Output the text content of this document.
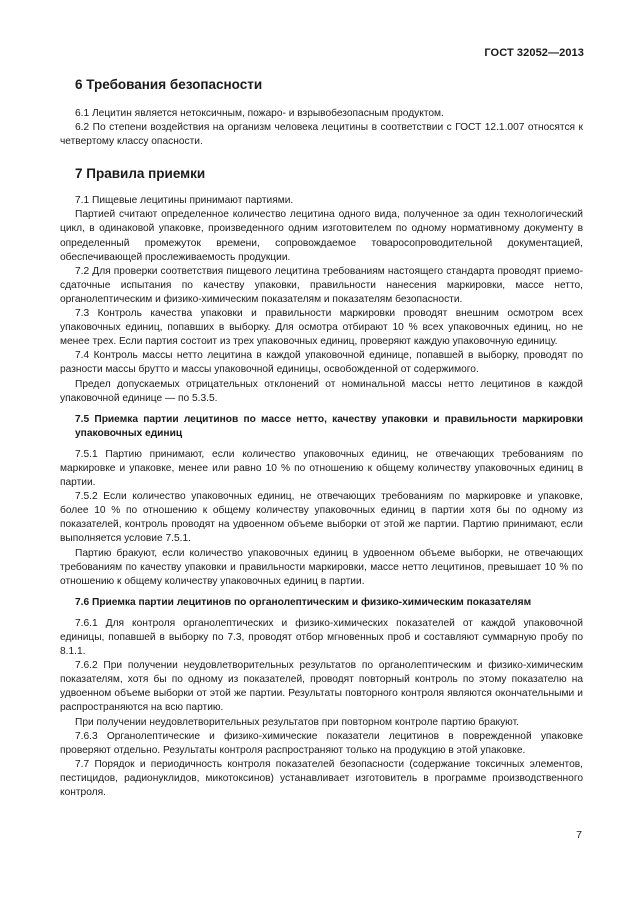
ГОСТ 32052—2013
6 Требования безопасности

6.1 Лецитин является нетоксичным, пожаро- и взрывобезопасным продуктом.

6.2 По степени воздействия на организм человека лецитины в соответствии с ГОСТ 12.1.007 относятся к четвертому классу опасности.

7 Правила приемки

7.1 Пищевые лецитины принимают партиями.

Партией считают определенное количество лецитина одного вида, полученное за один технологический цикл, в одинаковой упаковке, произведенного одним изготовителем по одному нормативному документу в определенный промежуток времени, сопровождаемое товаросопроводительной документацией, обеспечивающей прослеживаемость продукции.

7.2 Для проверки соответствия пищевого лецитина требованиям настоящего стандарта проводят приемо-сдаточные испытания по качеству упаковки, правильности нанесения маркировки, массе нетто, органолептическим и физико-химическим показателям и показателям безопасности.

7.3 Контроль качества упаковки и правильности маркировки проводят внешним осмотром всех упаковочных единиц, попавших в выборку. Для осмотра отбирают 10 % всех упаковочных единиц, но не менее трех. Если партия состоит из трех упаковочных единиц, проверяют каждую упаковочную единицу.

7.4 Контроль массы нетто лецитина в каждой упаковочной единице, попавшей в выборку, проводят по разности массы брутто и массы упаковочной единицы, освобожденной от содержимого.

Предел допускаемых отрицательных отклонений от номинальной массы нетто лецитинов в каждой упаковочной единице — по 5.3.5.

7.5 Приемка партии лецитинов по массе нетто, качеству упаковки и правильности маркировки упаковочных единиц

7.5.1 Партию принимают, если количество упаковочных единиц, не отвечающих требованиям по маркировке и упаковке, менее или равно 10 % по отношению к общему количеству упаковочных единиц в партии.

7.5.2 Если количество упаковочных единиц, не отвечающих требованиям по маркировке и упаковке, более 10 % по отношению к общему количеству упаковочных единиц в партии хотя бы по одному из показателей, контроль проводят на удвоенном объеме выборки от этой же партии. Партию принимают, если выполняется условие 7.5.1.

Партию бракуют, если количество упаковочных единиц в удвоенном объеме выборки, не отвечающих требованиям по качеству упаковки и правильности маркировки, массе нетто лецитинов, превышает 10 % по отношению к общему количеству упаковочных единиц в партии.

7.6 Приемка партии лецитинов по органолептическим и физико-химическим показателям

7.6.1 Для контроля органолептических и физико-химических показателей от каждой упаковочной единицы, попавшей в выборку по 7.3, проводят отбор мгновенных проб и составляют суммарную пробу по 8.1.1.

7.6.2 При получении неудовлетворительных результатов по органолептическим и физико-химическим показателям, хотя бы по одному из показателей, проводят повторный контроль по этому показателю на удвоенном объеме выборки от этой же партии. Результаты повторного контроля являются окончательными и распространяются на всю партию.

При получении неудовлетворительных результатов при повторном контроле партию бракуют.

7.6.3 Органолептические и физико-химические показатели лецитинов в поврежденной упаковке проверяют отдельно. Результаты контроля распространяют только на продукцию в этой упаковке.

7.7 Порядок и периодичность контроля показателей безопасности (содержание токсичных элементов, пестицидов, радионуклидов, микотоксинов) устанавливает изготовитель в программе производственного контроля.

7
